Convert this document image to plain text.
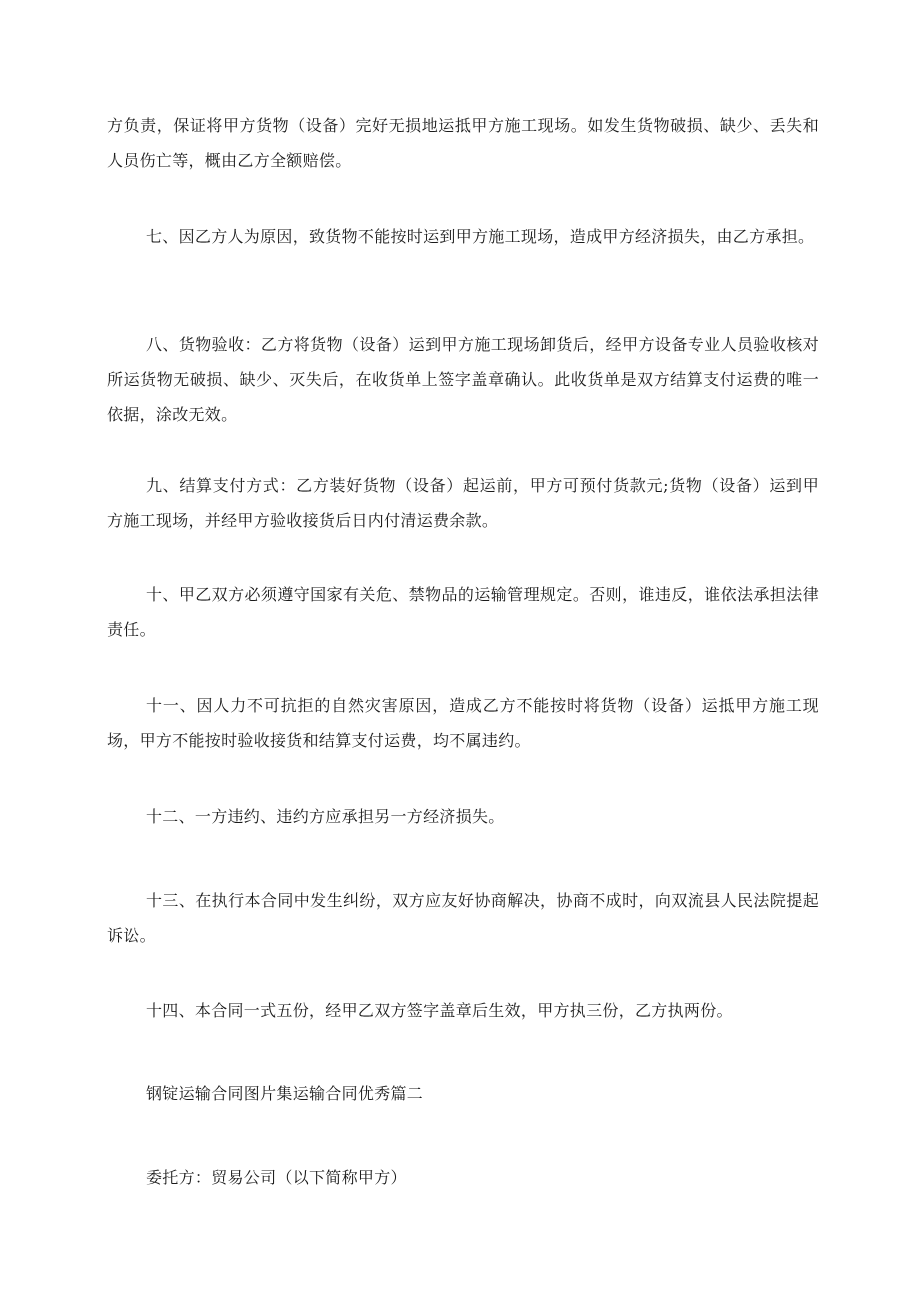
方负责，保证将甲方货物（设备）完好无损地运抵甲方施工现场。如发生货物破损、缺少、丢失和人员伤亡等，概由乙方全额赔偿。

七、因乙方人为原因，致货物不能按时运到甲方施工现场，造成甲方经济损失，由乙方承担。

八、货物验收：乙方将货物（设备）运到甲方施工现场卸货后，经甲方设备专业人员验收核对所运货物无破损、缺少、灭失后，在收货单上签字盖章确认。此收货单是双方结算支付运费的唯一依据，涂改无效。

九、结算支付方式：乙方装好货物（设备）起运前，甲方可预付货款元;货物（设备）运到甲方施工现场，并经甲方验收接货后日内付清运费余款。

十、甲乙双方必须遵守国家有关危、禁物品的运输管理规定。否则，谁违反，谁依法承担法律责任。

十一、因人力不可抗拒的自然灾害原因，造成乙方不能按时将货物（设备）运抵甲方施工现场，甲方不能按时验收接货和结算支付运费，均不属违约。

十二、一方违约、违约方应承担另一方经济损失。

十三、在执行本合同中发生纠纷，双方应友好协商解决，协商不成时，向双流县人民法院提起诉讼。

十四、本合同一式五份，经甲乙双方签字盖章后生效，甲方执三份，乙方执两份。

钢锭运输合同图片集运输合同优秀篇二

委托方：贸易公司（以下简称甲方）
